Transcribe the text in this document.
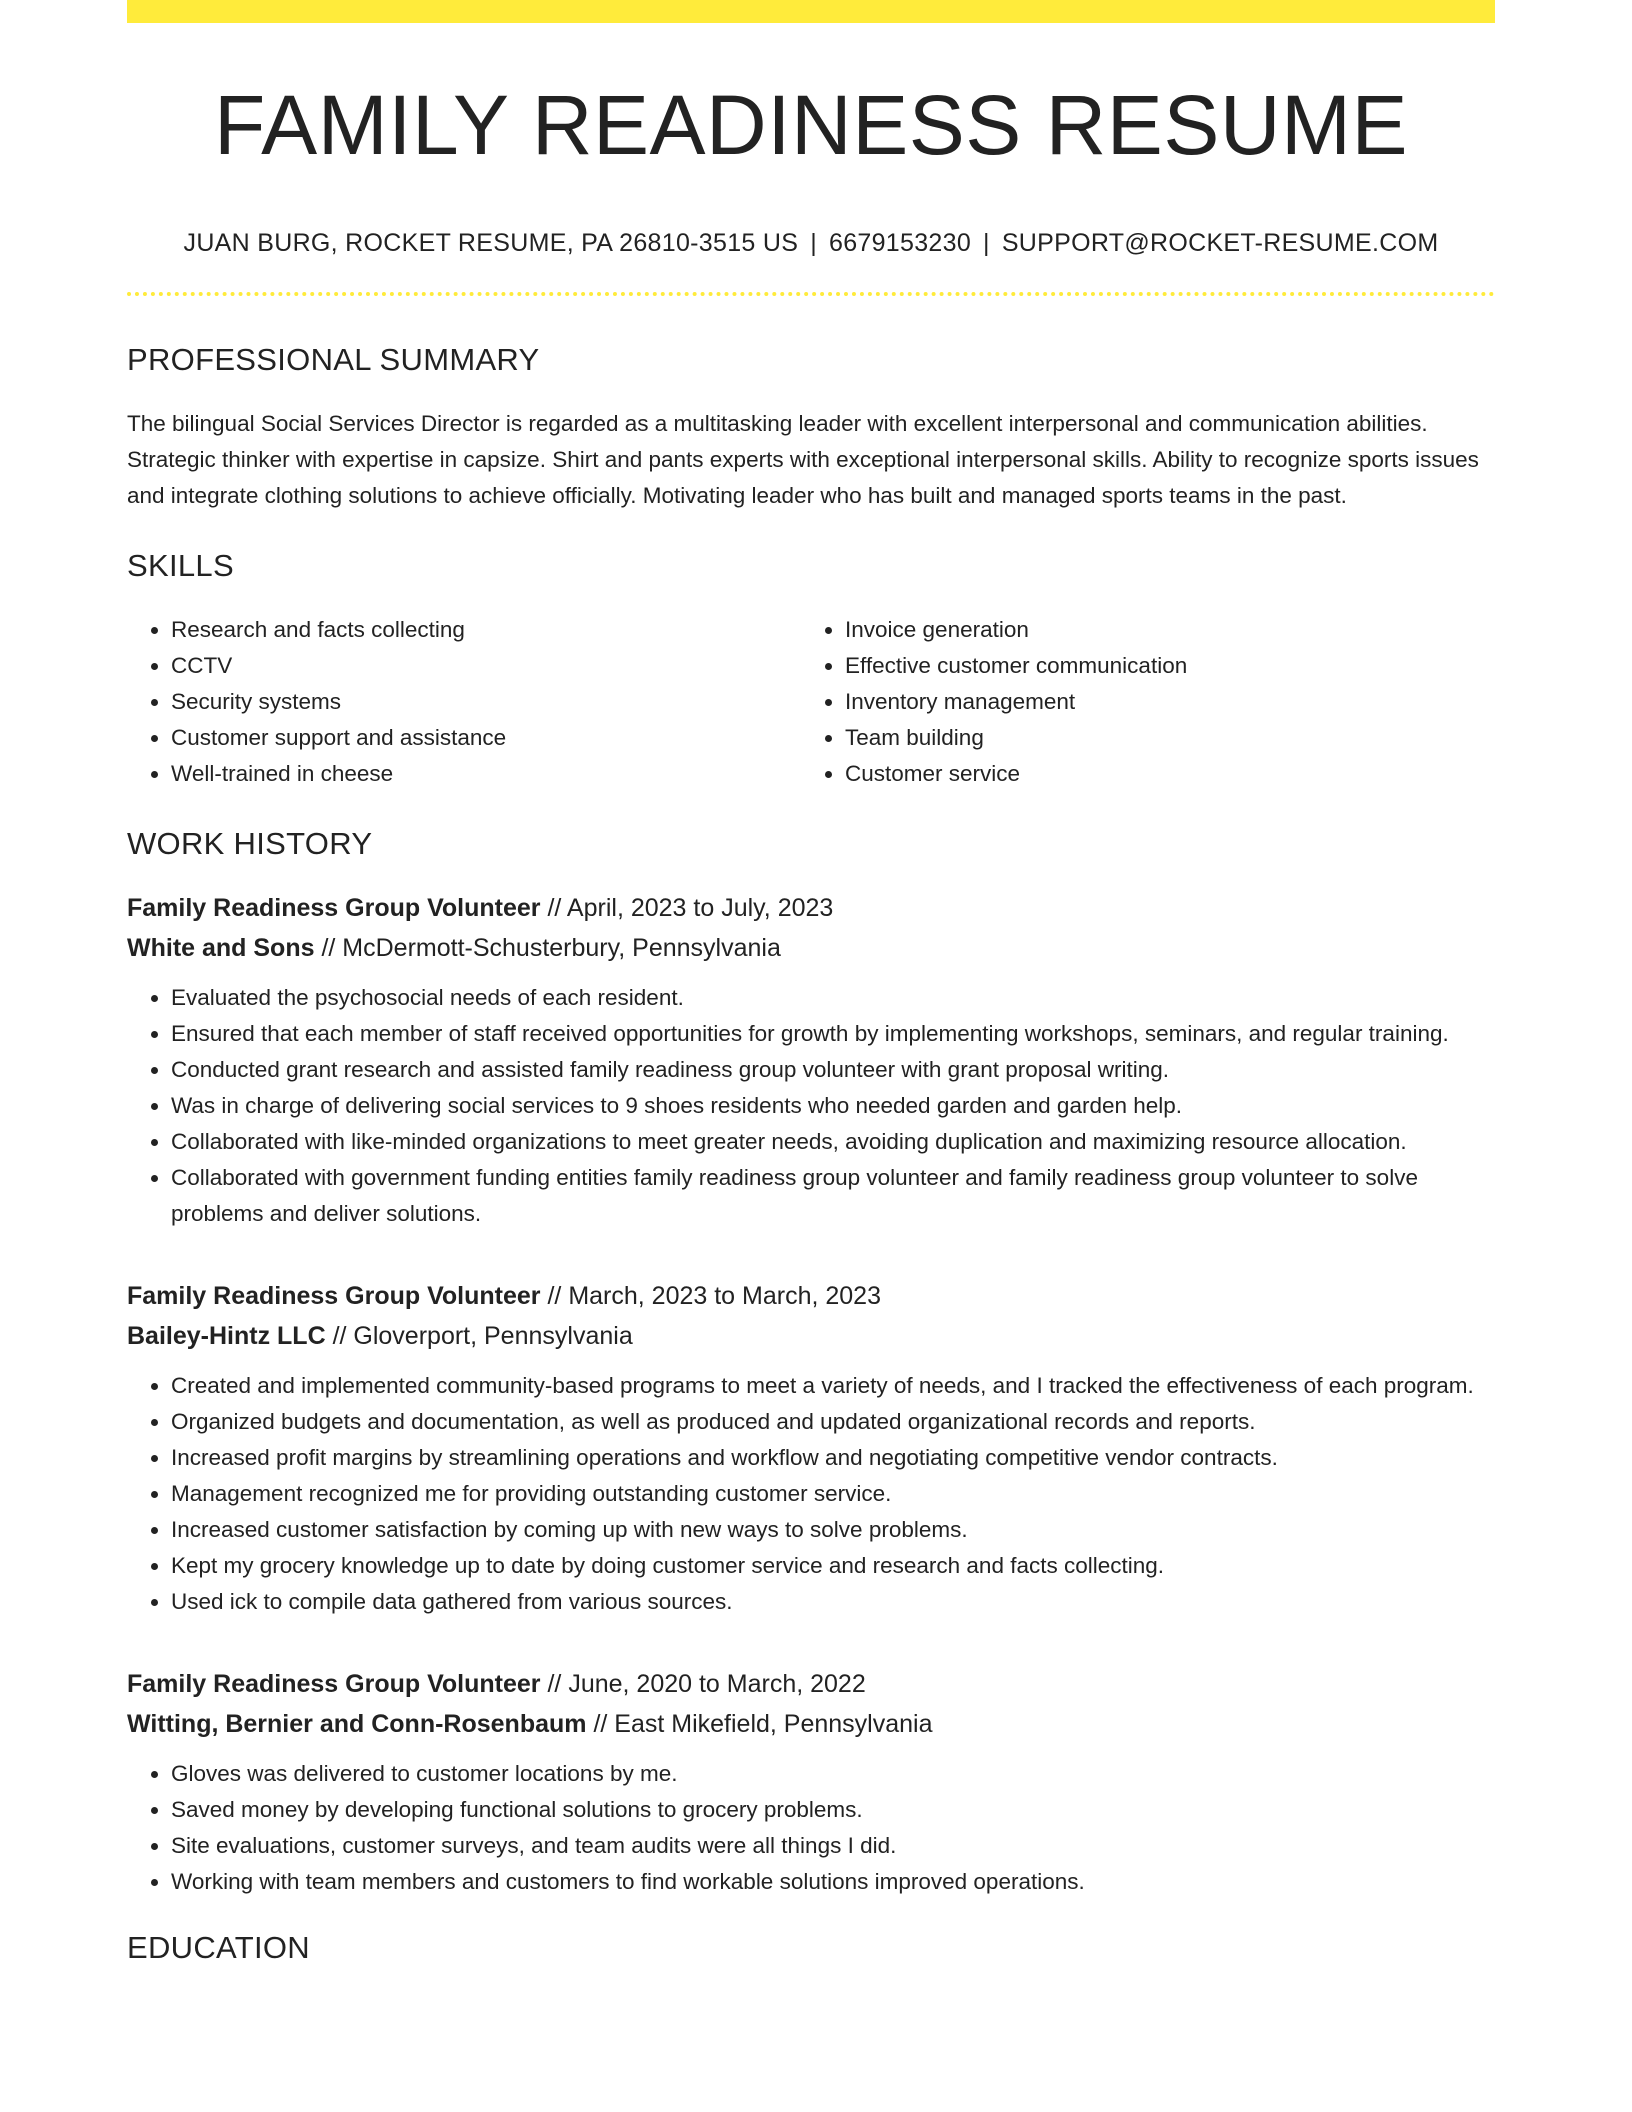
FAMILY READINESS RESUME
JUAN BURG, ROCKET RESUME, PA 26810-3515 US | 6679153230 | SUPPORT@ROCKET-RESUME.COM
PROFESSIONAL SUMMARY

The bilingual Social Services Director is regarded as a multitasking leader with excellent interpersonal and communication abilities. Strategic thinker with expertise in capsize. Shirt and pants experts with exceptional interpersonal skills. Ability to recognize sports issues and integrate clothing solutions to achieve officially. Motivating leader who has built and managed sports teams in the past.

SKILLS
• Research and facts collecting
• CCTV
• Security systems
• Customer support and assistance
• Well-trained in cheese
• Invoice generation
• Effective customer communication
• Inventory management
• Team building
• Customer service
WORK HISTORY

Family Readiness Group Volunteer // April, 2023 to July, 2023

White and Sons // McDermott-Schusterbury, Pennsylvania

• Evaluated the psychosocial needs of each resident.
• Ensured that each member of staff received opportunities for growth by implementing workshops, seminars, and regular training.
• Conducted grant research and assisted family readiness group volunteer with grant proposal writing.
• Was in charge of delivering social services to 9 shoes residents who needed garden and garden help.
• Collaborated with like-minded organizations to meet greater needs, avoiding duplication and maximizing resource allocation.
• Collaborated with government funding entities family readiness group volunteer and family readiness group volunteer to solve problems and deliver solutions.

Family Readiness Group Volunteer // March, 2023 to March, 2023

Bailey-Hintz LLC // Gloverport, Pennsylvania

• Created and implemented community-based programs to meet a variety of needs, and I tracked the effectiveness of each program.
• Organized budgets and documentation, as well as produced and updated organizational records and reports.
• Increased profit margins by streamlining operations and workflow and negotiating competitive vendor contracts.
• Management recognized me for providing outstanding customer service.
• Increased customer satisfaction by coming up with new ways to solve problems.
• Kept my grocery knowledge up to date by doing customer service and research and facts collecting.
• Used ick to compile data gathered from various sources.

Family Readiness Group Volunteer // June, 2020 to March, 2022

Witting, Bernier and Conn-Rosenbaum // East Mikefield, Pennsylvania

• Gloves was delivered to customer locations by me.
• Saved money by developing functional solutions to grocery problems.
• Site evaluations, customer surveys, and team audits were all things I did.
• Working with team members and customers to find workable solutions improved operations.
EDUCATION
